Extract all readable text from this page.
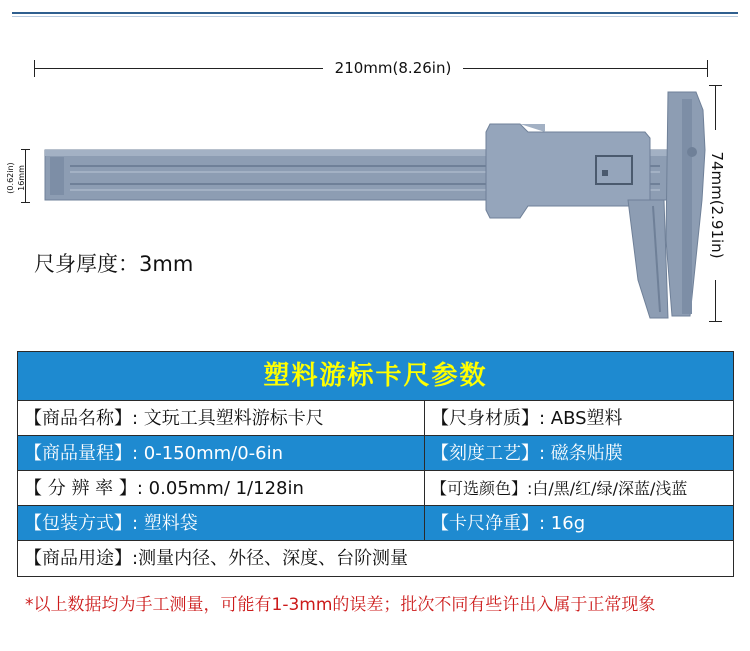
210mm(8.26in)
74mm(2.91in)
(0.62in) 16mm
尺身厚度：3mm
塑料游标卡尺参数
【商品名称】: 文玩工具塑料游标卡尺	【尺身材质】: ABS塑料
【商品量程】: 0-150mm/0-6in	【刻度工艺】: 磁条贴膜
【 分 辨 率 】: 0.05mm/ 1/128in	【可选颜色】:白/黑/红/绿/深蓝/浅蓝
【包装方式】: 塑料袋	【卡尺净重】: 16g
【商品用途】:测量内径、外径、深度、台阶测量
*以上数据均为手工测量，可能有1-3mm的误差；批次不同有些许出入属于正常现象
